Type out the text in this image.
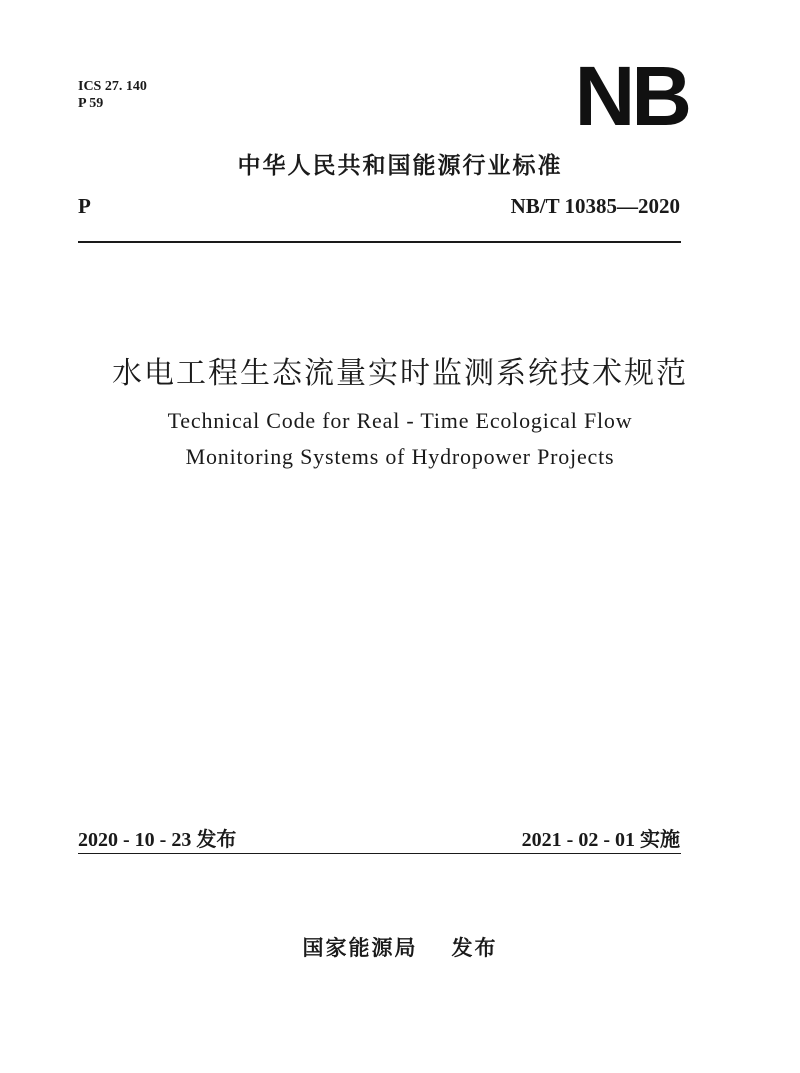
ICS 27. 140
P 59	NB
中华人民共和国能源行业标准
P	NB/T 10385—2020
水电工程生态流量实时监测系统技术规范
Technical Code for Real - Time Ecological Flow
Monitoring Systems of Hydropower Projects
2020 - 10 - 23 发布	2021 - 02 - 01 实施
国家能源局 发布
